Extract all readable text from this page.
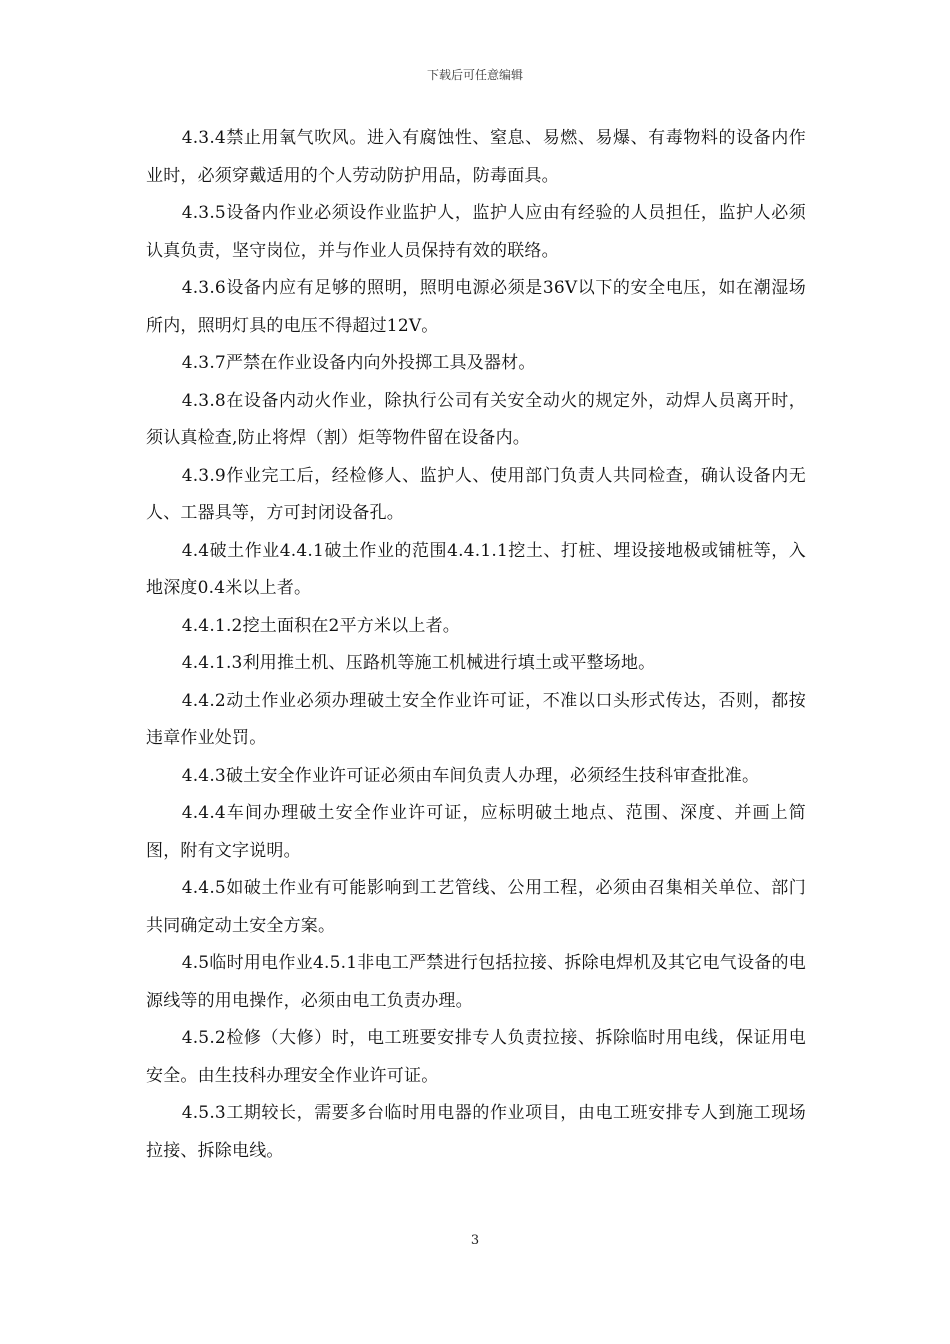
下载后可任意编辑

4.3.4禁止用氧气吹风。进入有腐蚀性、窒息、易燃、易爆、有毒物料的设备内作业时，必须穿戴适用的个人劳动防护用品，防毒面具。

4.3.5设备内作业必须设作业监护人，监护人应由有经验的人员担任，监护人必须认真负责，坚守岗位，并与作业人员保持有效的联络。

4.3.6设备内应有足够的照明，照明电源必须是36V以下的安全电压，如在潮湿场所内，照明灯具的电压不得超过12V。

4.3.7严禁在作业设备内向外投掷工具及器材。

4.3.8在设备内动火作业，除执行公司有关安全动火的规定外，动焊人员离开时，须认真检查,防止将焊（割）炬等物件留在设备内。

4.3.9作业完工后，经检修人、监护人、使用部门负责人共同检查，确认设备内无人、工器具等，方可封闭设备孔。

4.4破土作业4.4.1破土作业的范围4.4.1.1挖土、打桩、埋设接地极或铺桩等，入地深度0.4米以上者。

4.4.1.2挖土面积在2平方米以上者。

4.4.1.3利用推土机、压路机等施工机械进行填土或平整场地。

4.4.2动土作业必须办理破土安全作业许可证，不准以口头形式传达，否则，都按违章作业处罚。

4.4.3破土安全作业许可证必须由车间负责人办理，必须经生技科审查批准。

4.4.4车间办理破土安全作业许可证，应标明破土地点、范围、深度、并画上简图，附有文字说明。

4.4.5如破土作业有可能影响到工艺管线、公用工程，必须由召集相关单位、部门共同确定动土安全方案。

4.5临时用电作业4.5.1非电工严禁进行包括拉接、拆除电焊机及其它电气设备的电源线等的用电操作，必须由电工负责办理。

4.5.2检修（大修）时，电工班要安排专人负责拉接、拆除临时用电线，保证用电安全。由生技科办理安全作业许可证。

4.5.3工期较长，需要多台临时用电器的作业项目，由电工班安排专人到施工现场拉接、拆除电线。

3
